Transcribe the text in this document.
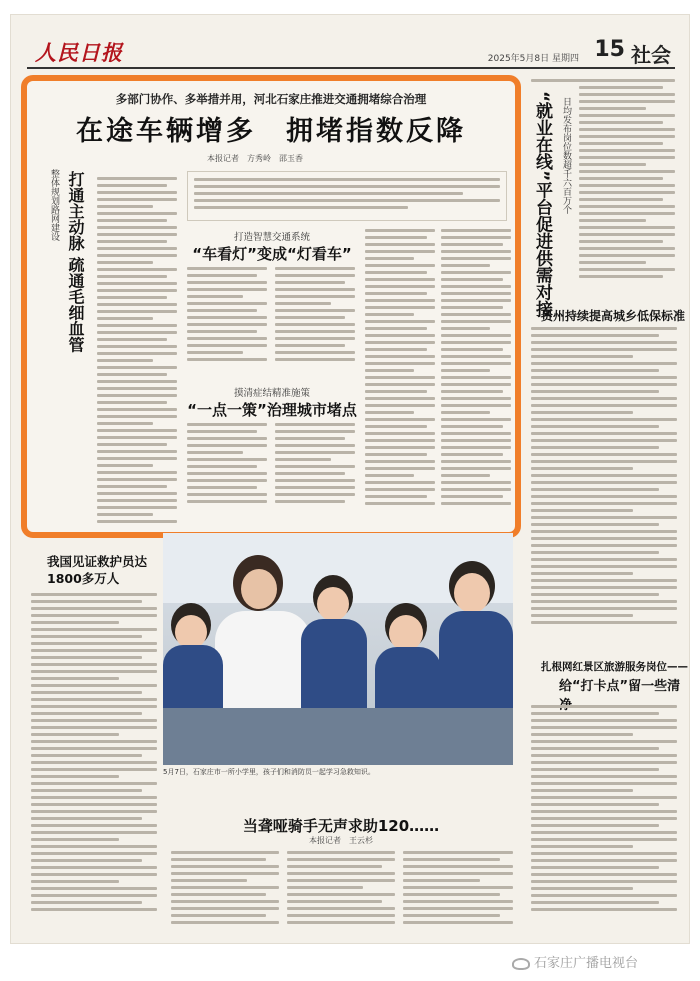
人民日报	2025年5月8日 星期四 15 社会
多部门协作、多举措并用，河北石家庄推进交通拥堵综合治理
在途车辆增多　拥堵指数反降
本报记者　方秀岭　邵玉香
整体规划路网建设 打通主动脉 疏通毛细血管	打造智慧交通系统
“车看灯”变成“灯看车”
摸清症结精准施策
“一点一策”治理城市堵点
“就业在线”平台促进供需对接	日均发布岗位数超千六百万个
贵州持续提高城乡低保标准
扎根网红景区旅游服务岗位——
给“打卡点”留一些清
我国见证救护员达1800多万人
5月7日，石家庄市一所小学里，孩子们和消防员一起学习急救知识。
当聋哑骑手无声求助120……
本报记者　王云杉
石家庄广播电视台
